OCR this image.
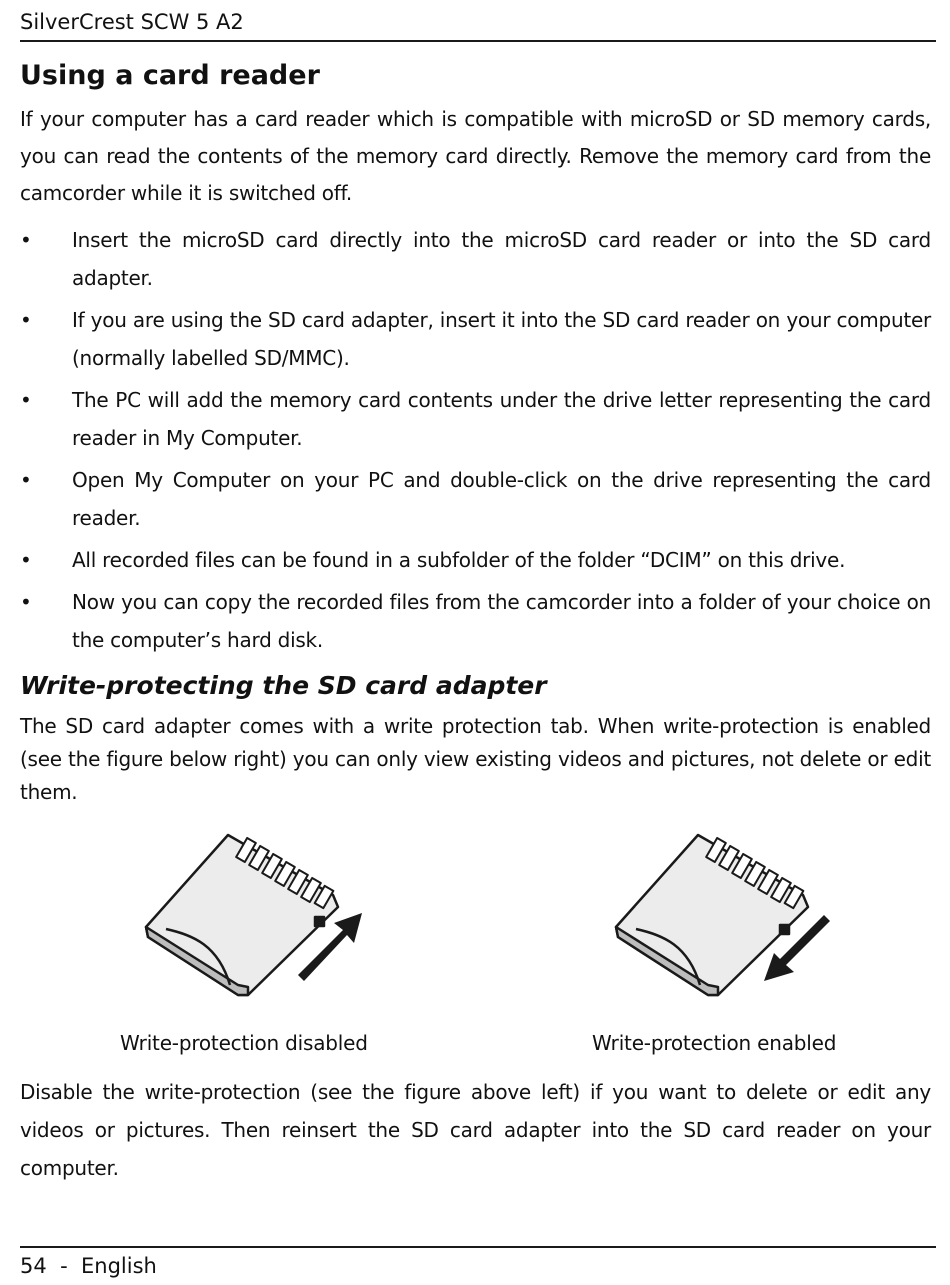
SilverCrest SCW 5 A2
Using a card reader

If your computer has a card reader which is compatible with microSD or SD memory cards, you can read the contents of the memory card directly. Remove the memory card from the camcorder while it is switched off.

•	Insert the microSD card directly into the microSD card reader or into the SD card adapter.
•	If you are using the SD card adapter, insert it into the SD card reader on your computer (normally labelled SD/MMC).
•	The PC will add the memory card contents under the drive letter representing the card reader in My Computer.
•	Open My Computer on your PC and double-click on the drive representing the card reader.
•	All recorded files can be found in a subfolder of the folder “DCIM” on this drive.
•	Now you can copy the recorded files from the camcorder into a folder of your choice on the computer’s hard disk.
Write-protecting the SD card adapter

The SD card adapter comes with a write protection tab. When write-protection is enabled (see the figure below right) you can only view existing videos and pictures, not delete or edit them.

Write-protection disabled	Write-protection enabled

Disable the write-protection (see the figure above left) if you want to delete or edit any videos or pictures. Then reinsert the SD card adapter into the SD card reader on your computer.

54  -  English
